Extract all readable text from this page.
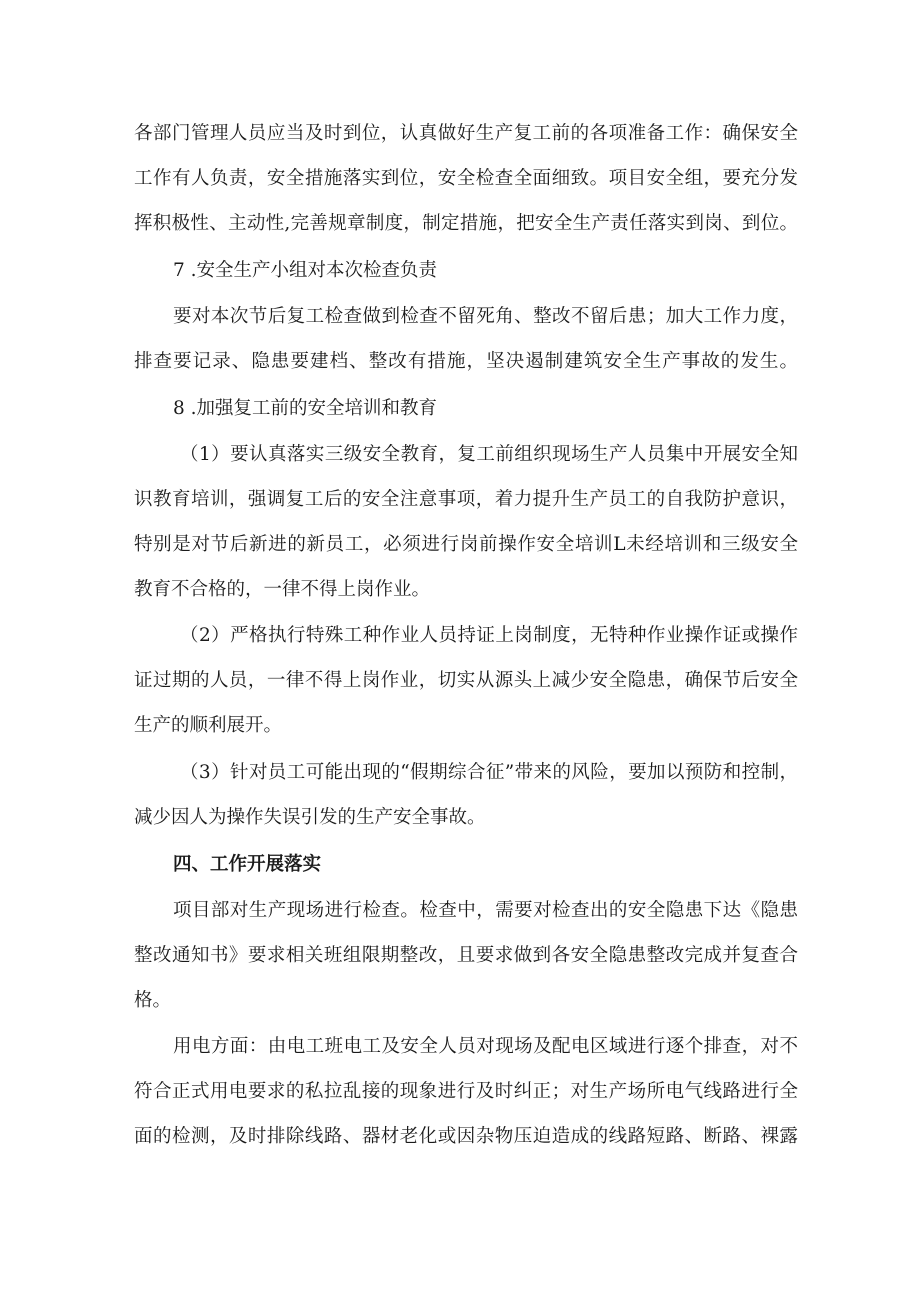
各部门管理人员应当及时到位，认真做好生产复工前的各项准备工作：确保安全
工作有人负责，安全措施落实到位，安全检查全面细致。项目安全组，要充分发
挥积极性、主动性,完善规章制度，制定措施，把安全生产责任落实到岗、到位。
7 .安全生产小组对本次检查负责
要对本次节后复工检查做到检查不留死角、整改不留后患；加大工作力度，
排查要记录、隐患要建档、整改有措施，坚决遏制建筑安全生产事故的发生。
8 .加强复工前的安全培训和教育
（1）要认真落实三级安全教育，复工前组织现场生产人员集中开展安全知
识教育培训，强调复工后的安全注意事项，着力提升生产员工的自我防护意识，
特别是对节后新进的新员工，必须进行岗前操作安全培训L未经培训和三级安全
教育不合格的，一律不得上岗作业。
（2）严格执行特殊工种作业人员持证上岗制度，无特种作业操作证或操作
证过期的人员，一律不得上岗作业，切实从源头上减少安全隐患，确保节后安全
生产的顺利展开。
（3）针对员工可能出现的“假期综合征”带来的风险，要加以预防和控制，
减少因人为操作失误引发的生产安全事故。
四、工作开展落实
项目部对生产现场进行检查。检查中，需要对检查出的安全隐患下达《隐患
整改通知书》要求相关班组限期整改，且要求做到各安全隐患整改完成并复查合
格。
用电方面：由电工班电工及安全人员对现场及配电区域进行逐个排查，对不
符合正式用电要求的私拉乱接的现象进行及时纠正；对生产场所电气线路进行全
面的检测，及时排除线路、器材老化或因杂物压迫造成的线路短路、断路、裸露
